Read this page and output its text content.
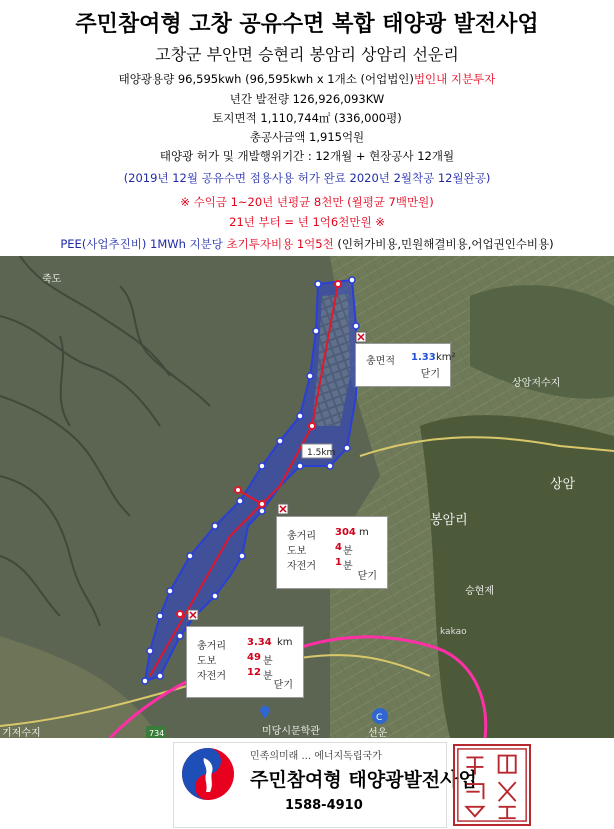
주민참여형 고창 공유수면 복합 태양광 발전사업
고창군 부안면 승현리 봉암리 상암리 선운리
태양광용량 96,595kwh (96,595kwh x 1개소 (어업법인)법인내 지분투자
년간 발전량 126,926,093KW
토지면적 1,110,744㎡ (336,000평)
총공사금액 1,915억원
태양광 허가 및 개발행위기간 : 12개월 + 현장공사 12개월
(2019년 12월 공유수면 점용사용 허가 완료 2020년 2월착공 12월완공)
※ 수익금 1~20년 년평균 8천만 (월평균 7백만원)
21년 부터 = 년 1억6천만원 ※
PEE(사업추진비) 1MWh 지분당 초기투자비용 1억5천 (인허가비용,민원해결비용,어업권인수비용)
1.5km
죽도
상암저수지
상암
봉암리
승현제
기저수지	미당시문학관	선운
kakao
734
C
총면적 1.33 km²
닫기
총거리 304 m
도보	4 분
자전거 1 분
닫기
총거리 3.34 km
도보	49 분
자전거 12 분
닫기
민족의미래 ... 에너지독립국가
주민참여형 태양광발전사업
1588-4910
